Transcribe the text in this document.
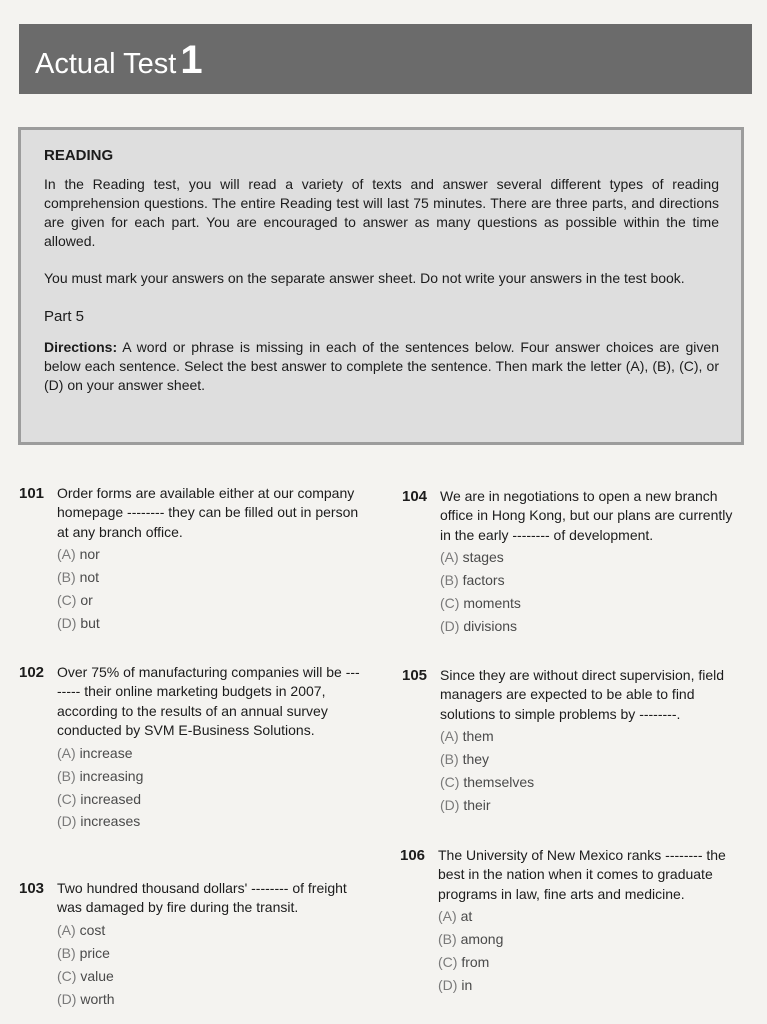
Actual Test 1
READING

In the Reading test, you will read a variety of texts and answer several different types of reading comprehension questions. The entire Reading test will last 75 minutes. There are three parts, and directions are given for each part. You are encouraged to answer as many questions as possible within the time allowed.

You must mark your answers on the separate answer sheet. Do not write your answers in the test book.

Part 5

Directions: A word or phrase is missing in each of the sentences below. Four answer choices are given below each sentence. Select the best answer to complete the sentence. Then mark the letter (A), (B), (C), or (D) on your answer sheet.

101 Order forms are available either at our company homepage -------- they can be filled out in person at any branch office.

(A) nor
(B) not
(C) or
(D) but
102 Over 75% of manufacturing companies will be -------- their online marketing budgets in 2007, according to the results of an annual survey conducted by SVM E-Business Solutions.

(A) increase
(B) increasing
(C) increased
(D) increases
103 Two hundred thousand dollars' -------- of freight was damaged by fire during the transit.

(A) cost
(B) price
(C) value
(D) worth
104 We are in negotiations to open a new branch office in Hong Kong, but our plans are currently in the early -------- of development.

(A) stages
(B) factors
(C) moments
(D) divisions
105 Since they are without direct supervision, field managers are expected to be able to find solutions to simple problems by --------.

(A) them
(B) they
(C) themselves
(D) their
106 The University of New Mexico ranks -------- the best in the nation when it comes to graduate programs in law, fine arts and medicine.

(A) at
(B) among
(C) from
(D) in
